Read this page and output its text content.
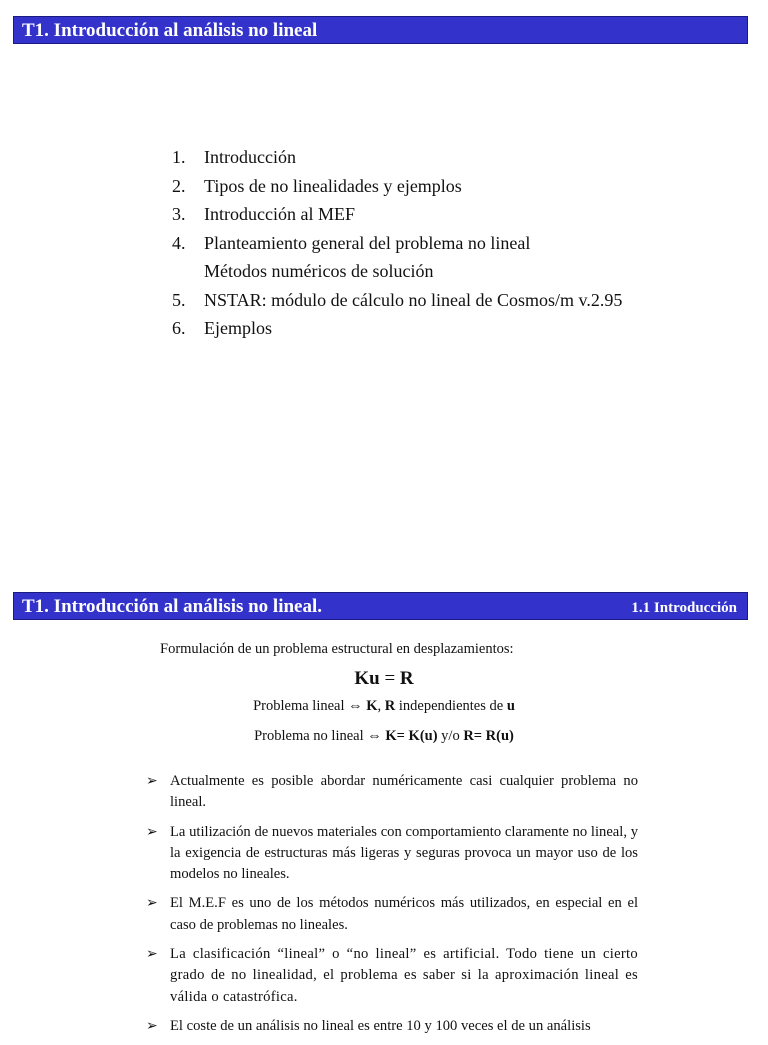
T1. Introducción al análisis no lineal
1.	Introducción
2.	Tipos de no linealidades y ejemplos
3.	Introducción al MEF
4.	Planteamiento general del problema no lineal
Métodos numéricos de solución
5.	NSTAR: módulo de cálculo no lineal de Cosmos/m v.2.95
6.	Ejemplos
T1. Introducción al análisis no lineal.	1.1 Introducción
Formulación de un problema estructural en desplazamientos:
Ku = R
Problema lineal ⇔ K, R independientes de u
Problema no lineal ⇔ K= K(u) y/o R= R(u)
➢ Actualmente es posible abordar numéricamente casi cualquier problema no lineal.
➢ La utilización de nuevos materiales con comportamiento claramente no lineal, y la exigencia de estructuras más ligeras y seguras provoca un mayor uso de los modelos no lineales.
➢ El M.E.F es uno de los métodos numéricos más utilizados, en especial en el caso de problemas no lineales.
➢ La clasificación “lineal” o “no lineal” es artificial. Todo tiene un cierto grado de no linealidad, el problema es saber si la aproximación lineal es válida o catastrófica.
➢ El coste de un análisis no lineal es entre 10 y 100 veces el de un análisis
